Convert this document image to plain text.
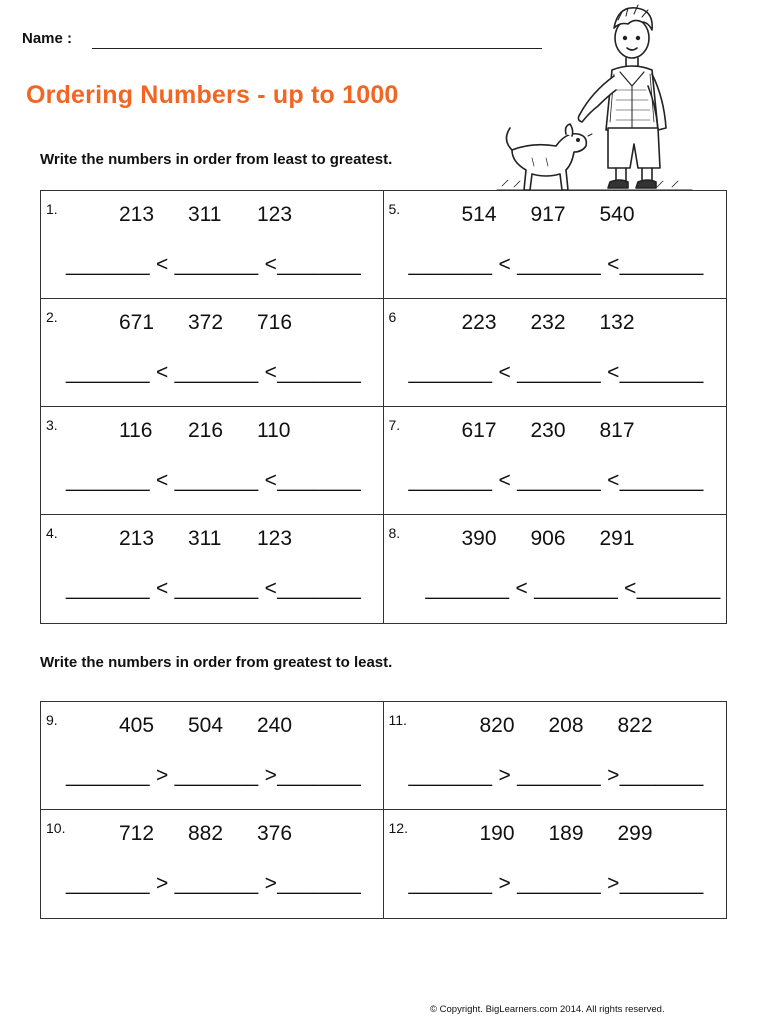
Name :
Ordering Numbers - up to 1000
Write the numbers in order from least to greatest.
1.	213 311 123
_______ < _______ <_______
5.	514 917 540
_______ < _______ <_______
2.	671 372 716
_______ < _______ <_______
6	223 232 132
_______ < _______ <_______
3.	116 216 110
_______ < _______ <_______
7.	617 230 817
_______ < _______ <_______
4.	213 311 123
_______ < _______ <_______
8.	390 906 291
_______ < _______ <_______
Write the numbers in order from greatest to least.
9.	405 504 240
_______ > _______ >_______
11.	820 208 822
_______ > _______ >_______
10.	712 882 376
_______ > _______ >_______
12.	190 189 299
_______ > _______ >_______
© Copyright. BigLearners.com 2014. All rights reserved.
